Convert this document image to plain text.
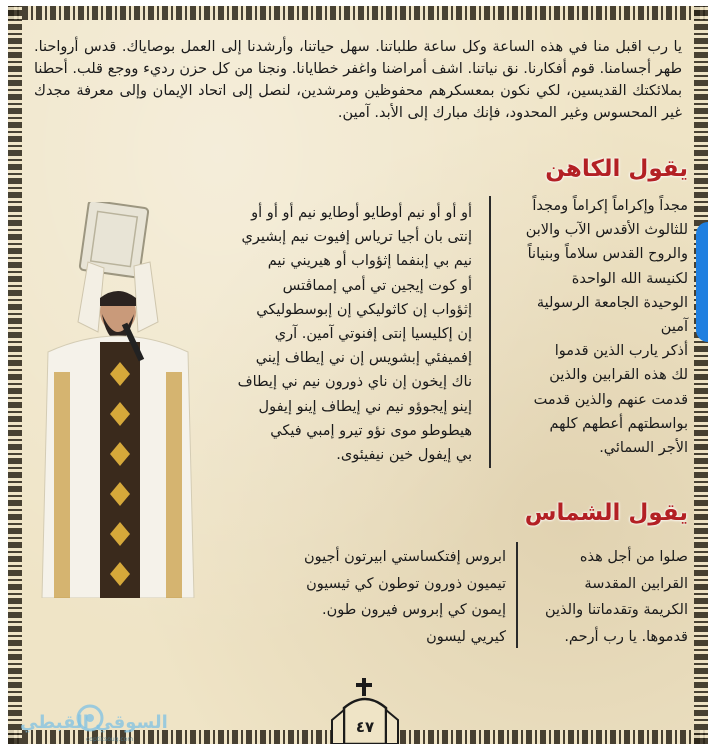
يا رب اقبل منا في هذه الساعة وكل ساعة طلباتنا. سهل حياتنا، وأرشدنا إلى العمل بوصاياك. قدس أرواحنا. طهر أجسامنا. قوم أفكارنا. نق نياتنا. اشف أمراضنا واغفر خطايانا. ونجنا من كل حزن رديء ووجع قلب. أحطنا بملائكتك القديسين، لكي نكون بمعسكرهم محفوظين ومرشدين، لنصل إلى اتحاد الإيمان وإلى معرفة مجدك غير المحسوس وغير المحدود، فإنك مبارك إلى الأبد. آمين.
يقول الكاهن
مجداً وإكراماً إكراماً ومجداً
للثالوث الأقدس الآب والابن
والروح القدس سلاماً وبنياناً
لكنيسة الله الواحدة
الوحيدة الجامعة الرسولية
آمين
أذكر يارب الذين قدموا
لك هذه القرابين والذين
قدمت عنهم والذين قدمت
بواسطتهم أعطهم كلهم
الأجر السمائي.
أو أو أو نيم أوطايو أوطايو نيم أو أو أو
إنتى بان أجيا ترياس إفيوت نيم إبشيري
نيم بي إبنفما إثؤواب أو هيريني نيم
أو كوت إيجين تي أمي إمماڤتس
إثؤواب إن كاثوليكي إن إبوسطوليكي
إن إكليسيا إنتى إفنوتي آمين. آري
إفميفئي إبشويس إن ني إيطاف إيني
ناك إيخون إن ناي ذورون نيم ني إيطاف
إينو إيجوؤو نيم ني إيطاف إينو إيفول
هيطوطو موى نؤو تيرو إمبي فيكي
بي إيفول خين نيفيئوى.
يقول الشماس
صلوا من أجل هذه
القرابين المقدسة
الكريمة وتقدماتنا والذين
قدموها. يا رب أرحم.
ابروس إفتكساستي ابيرتون أجيون
تيميون ذورون توطون كي ثيسيون
إيمون كي إبروس فيرون طون.
كيريي ليسون
٤٧
السوقي القبطي
copticsouq.com
